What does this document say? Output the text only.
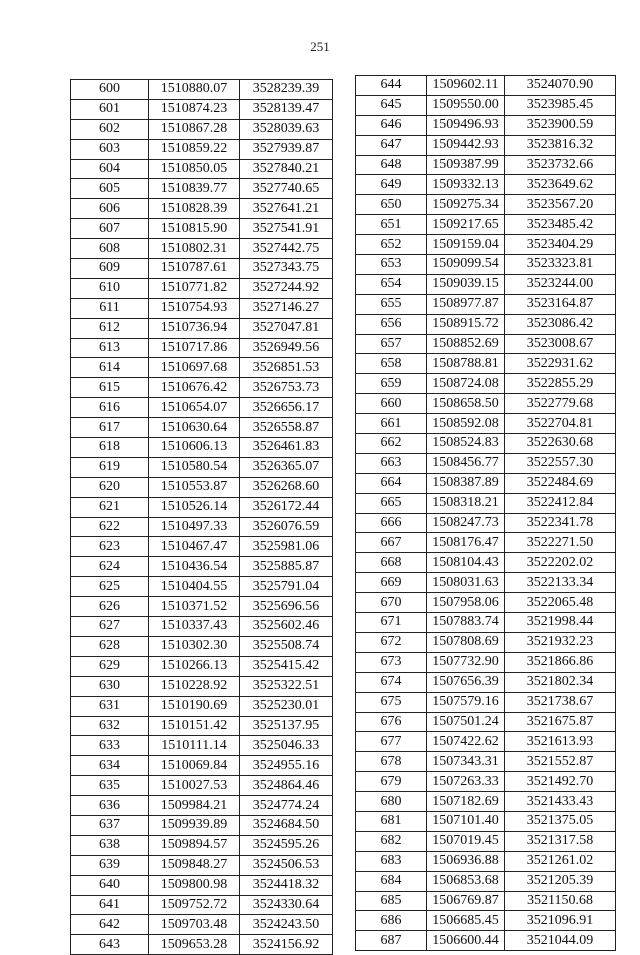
251
600	1510880.07	3528239.39
601	1510874.23	3528139.47
602	1510867.28	3528039.63
603	1510859.22	3527939.87
604	1510850.05	3527840.21
605	1510839.77	3527740.65
606	1510828.39	3527641.21
607	1510815.90	3527541.91
608	1510802.31	3527442.75
609	1510787.61	3527343.75
610	1510771.82	3527244.92
611	1510754.93	3527146.27
612	1510736.94	3527047.81
613	1510717.86	3526949.56
614	1510697.68	3526851.53
615	1510676.42	3526753.73
616	1510654.07	3526656.17
617	1510630.64	3526558.87
618	1510606.13	3526461.83
619	1510580.54	3526365.07
620	1510553.87	3526268.60
621	1510526.14	3526172.44
622	1510497.33	3526076.59
623	1510467.47	3525981.06
624	1510436.54	3525885.87
625	1510404.55	3525791.04
626	1510371.52	3525696.56
627	1510337.43	3525602.46
628	1510302.30	3525508.74
629	1510266.13	3525415.42
630	1510228.92	3525322.51
631	1510190.69	3525230.01
632	1510151.42	3525137.95
633	1510111.14	3525046.33
634	1510069.84	3524955.16
635	1510027.53	3524864.46
636	1509984.21	3524774.24
637	1509939.89	3524684.50
638	1509894.57	3524595.26
639	1509848.27	3524506.53
640	1509800.98	3524418.32
641	1509752.72	3524330.64
642	1509703.48	3524243.50
643	1509653.28	3524156.92
644	1509602.11	3524070.90
645	1509550.00	3523985.45
646	1509496.93	3523900.59
647	1509442.93	3523816.32
648	1509387.99	3523732.66
649	1509332.13	3523649.62
650	1509275.34	3523567.20
651	1509217.65	3523485.42
652	1509159.04	3523404.29
653	1509099.54	3523323.81
654	1509039.15	3523244.00
655	1508977.87	3523164.87
656	1508915.72	3523086.42
657	1508852.69	3523008.67
658	1508788.81	3522931.62
659	1508724.08	3522855.29
660	1508658.50	3522779.68
661	1508592.08	3522704.81
662	1508524.83	3522630.68
663	1508456.77	3522557.30
664	1508387.89	3522484.69
665	1508318.21	3522412.84
666	1508247.73	3522341.78
667	1508176.47	3522271.50
668	1508104.43	3522202.02
669	1508031.63	3522133.34
670	1507958.06	3522065.48
671	1507883.74	3521998.44
672	1507808.69	3521932.23
673	1507732.90	3521866.86
674	1507656.39	3521802.34
675	1507579.16	3521738.67
676	1507501.24	3521675.87
677	1507422.62	3521613.93
678	1507343.31	3521552.87
679	1507263.33	3521492.70
680	1507182.69	3521433.43
681	1507101.40	3521375.05
682	1507019.45	3521317.58
683	1506936.88	3521261.02
684	1506853.68	3521205.39
685	1506769.87	3521150.68
686	1506685.45	3521096.91
687	1506600.44	3521044.09
